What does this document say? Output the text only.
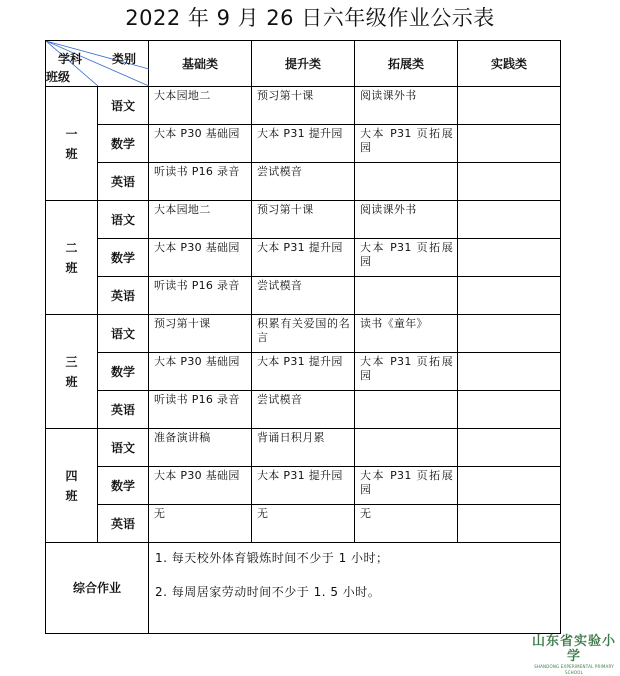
2022 年 9 月 26 日六年级作业公示表
学科 类别
班级		基础类	提升类	拓展类	实践类
一班	语文	大本园地二	预习第十课	阅读课外书	
	数学	大本 P30 基础园	大本 P31 提升园	大本 P31 页拓展园	
	英语	听读书 P16 录音	尝试模音		
二班	语文	大本园地二	预习第十课	阅读课外书	
	数学	大本 P30 基础园	大本 P31 提升园	大本 P31 页拓展园	
	英语	听读书 P16 录音	尝试模音		
三班	语文	预习第十课	积累有关爱国的名言	读书《童年》	
	数学	大本 P30 基础园	大本 P31 提升园	大本 P31 页拓展园	
	英语	听读书 P16 录音	尝试模音		
四班	语文	准备演讲稿	背诵日积月累		
	数学	大本 P30 基础园	大本 P31 提升园	大本 P31 页拓展园	
	英语	无	无	无	
综合作业		1. 每天校外体育锻炼时间不少于 1 小时；
2. 每周居家劳动时间不少于 1. 5 小时。			
山东省实验小学
SHANDONG EXPERIMENTAL PRIMARY SCHOOL
